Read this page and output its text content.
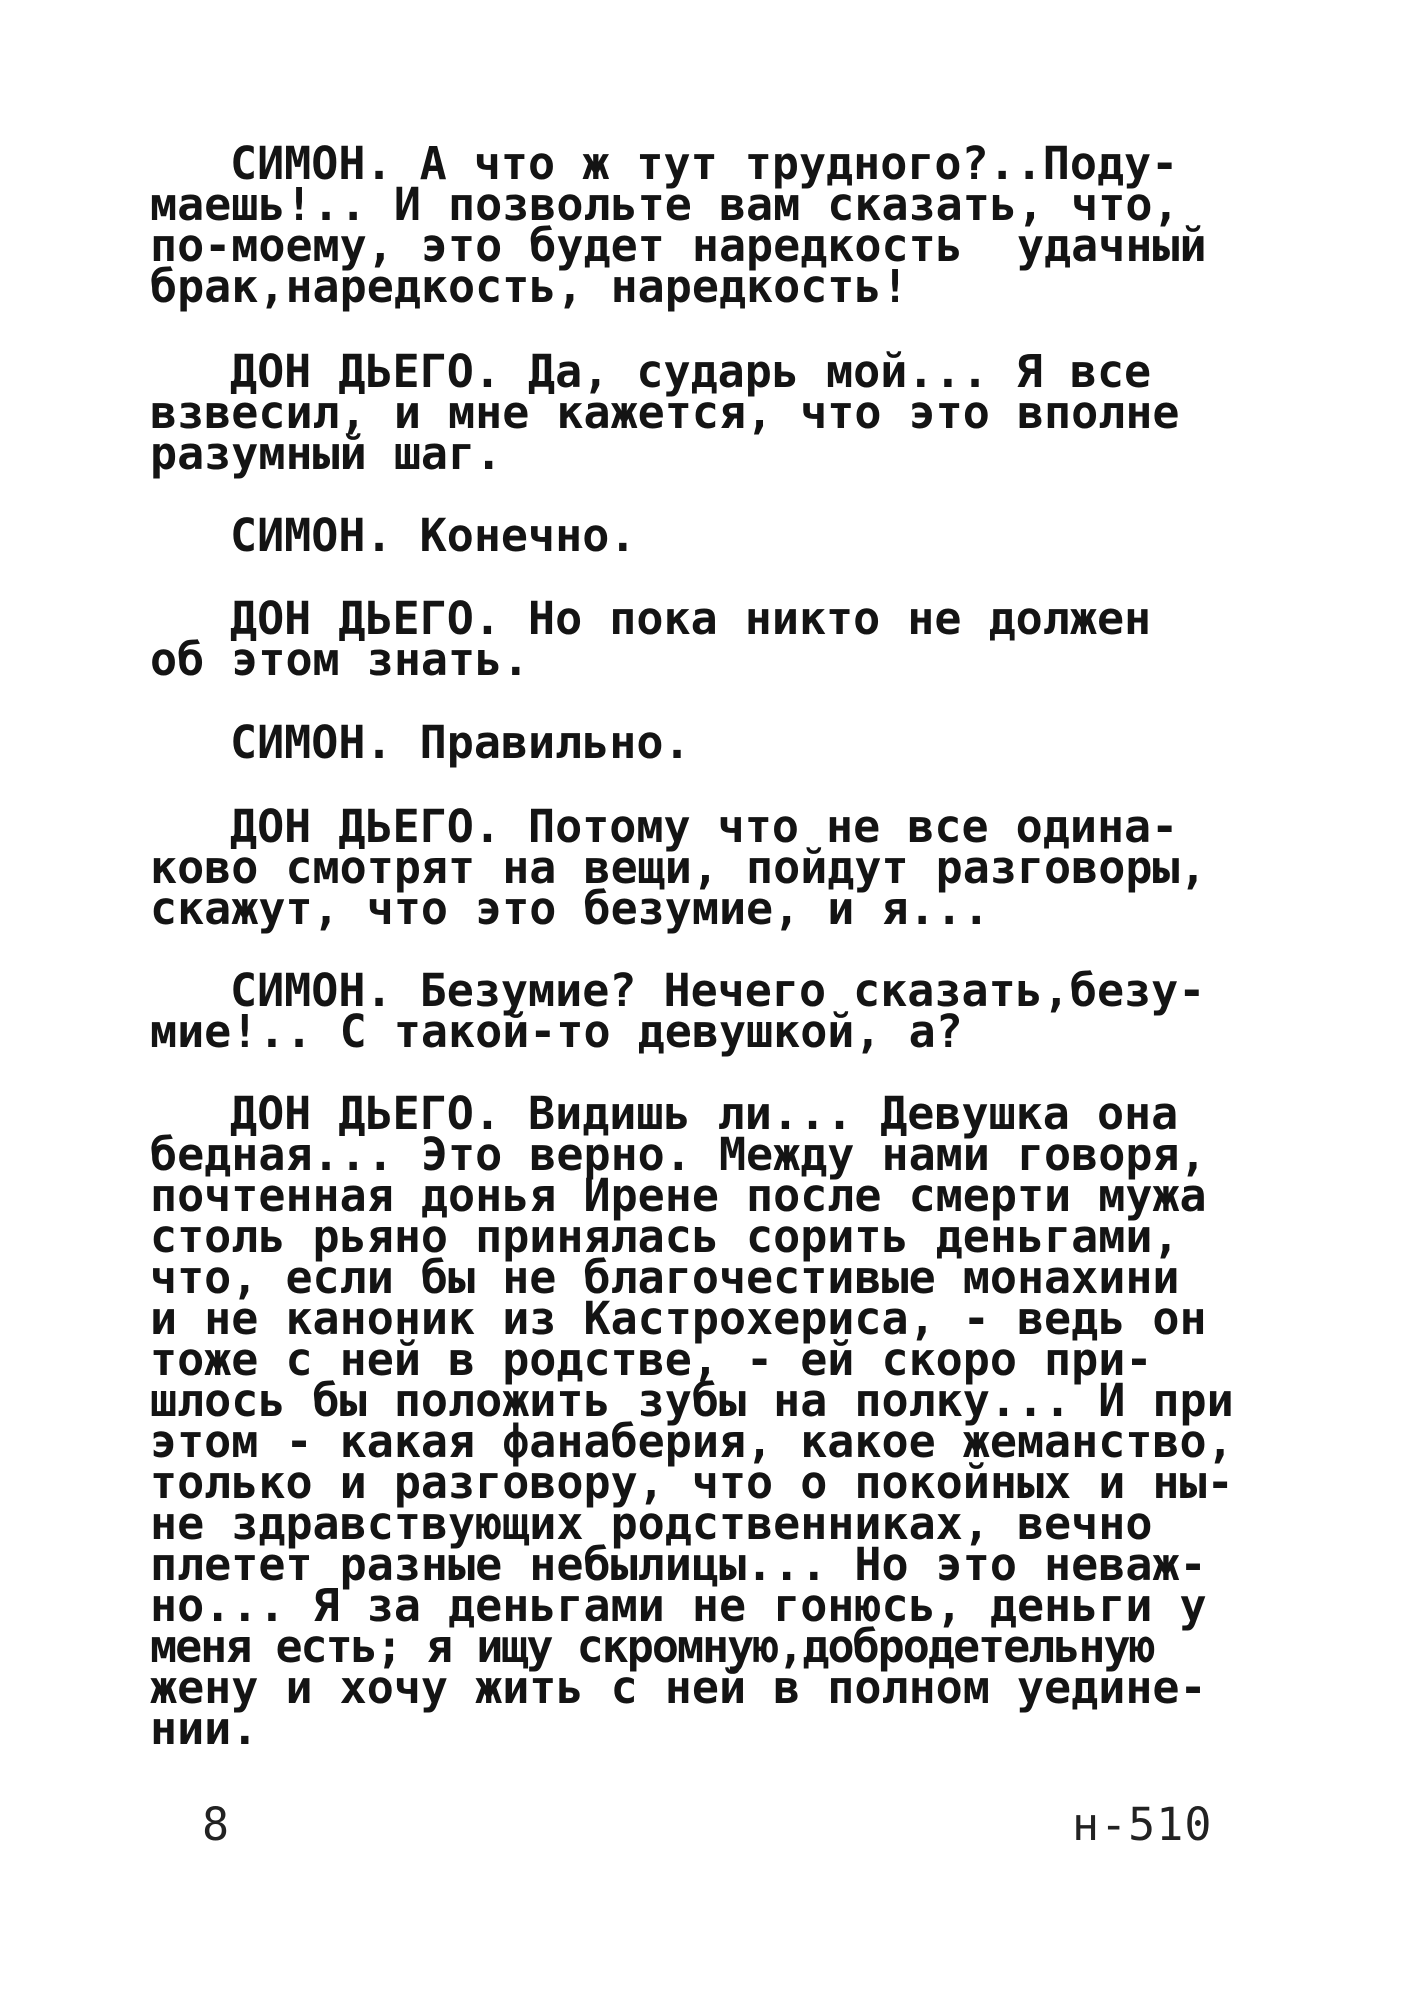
СИМОН. А что ж тут трудного?..Поду-
маешь!.. И позвольте вам сказать, что,
по-моему, это будет наредкость  удачный
брак,наредкость, наредкость!
ДОН ДЬЕГО. Да, сударь мой... Я все
взвесил, и мне кажется, что это вполне
разумный шаг.
СИМОН. Конечно.
ДОН ДЬЕГО. Но пока никто не должен
об этом знать.
СИМОН. Правильно.
ДОН ДЬЕГО. Потому что не все одина-
ково смотрят на вещи, пойдут разговоры,
скажут, что это безумие, и я...
СИМОН. Безумие? Нечего сказать,безу-
мие!.. С такой-то девушкой, а?
ДОН ДЬЕГО. Видишь ли... Девушка она
бедная... Это верно. Между нами говоря,
почтенная донья Ирене после смерти мужа
столь рьяно принялась сорить деньгами,
что, если бы не благочестивые монахини
и не каноник из Кастрохериса, - ведь он
тоже с ней в родстве, - ей скоро при-
шлось бы положить зубы на полку... И при
этом - какая фанаберия, какое жеманство,
только и разговору, что о покойных и ны-
не здравствующих родственниках, вечно
плетет разные небылицы... Но это неваж-
но... Я за деньгами не гонюсь, деньги у
меня есть; я ищу скромную,добродетельную
жену и хочу жить с ней в полном уедине-
нии.
8	н-510
